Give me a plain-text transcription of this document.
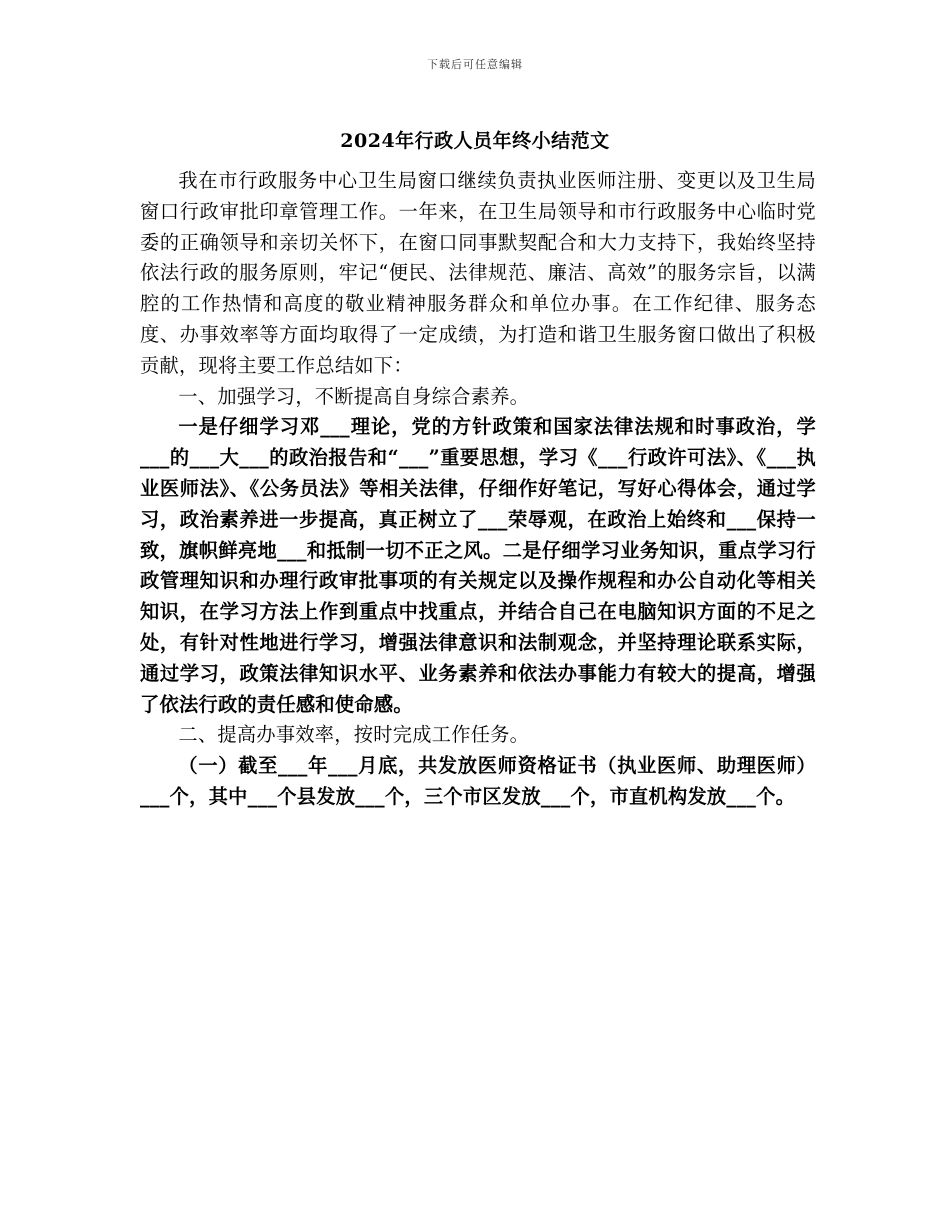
下载后可任意编辑
2024年行政人员年终小结范文

我在市行政服务中心卫生局窗口继续负责执业医师注册、变更以及卫生局窗口行政审批印章管理工作。一年来，在卫生局领导和市行政服务中心临时党委的正确领导和亲切关怀下，在窗口同事默契配合和大力支持下，我始终坚持依法行政的服务原则，牢记“便民、法律规范、廉洁、高效”的服务宗旨，以满腔的工作热情和高度的敬业精神服务群众和单位办事。在工作纪律、服务态度、办事效率等方面均取得了一定成绩，为打造和谐卫生服务窗口做出了积极贡献，现将主要工作总结如下：

一、加强学习，不断提高自身综合素养。

一是仔细学习邓___理论，党的方针政策和国家法律法规和时事政治，学___的___大___的政治报告和“___”重要思想，学习《___行政许可法》、《___执业医师法》、《公务员法》等相关法律，仔细作好笔记，写好心得体会，通过学习，政治素养进一步提高，真正树立了___荣辱观，在政治上始终和___保持一致，旗帜鲜亮地___和抵制一切不正之风。二是仔细学习业务知识，重点学习行政管理知识和办理行政审批事项的有关规定以及操作规程和办公自动化等相关知识，在学习方法上作到重点中找重点，并结合自己在电脑知识方面的不足之处，有针对性地进行学习，增强法律意识和法制观念，并坚持理论联系实际，通过学习，政策法律知识水平、业务素养和依法办事能力有较大的提高，增强了依法行政的责任感和使命感。

二、提高办事效率，按时完成工作任务。

（一）截至___年___月底，共发放医师资格证书（执业医师、助理医师）___个，其中___个县发放___个，三个市区发放___个，市直机构发放___个。
